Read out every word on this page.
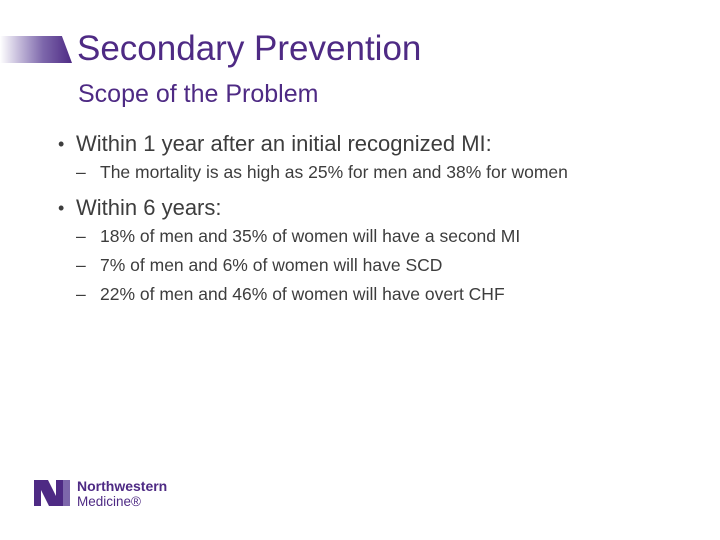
Secondary Prevention
Scope of the Problem
• Within 1 year after an initial recognized MI:
– The mortality is as high as 25% for men and 38% for women
• Within 6 years:
– 18% of men and 35% of women will have a second MI
– 7% of men and 6% of women will have SCD
– 22% of men and 46% of women will have overt CHF
Northwestern
Medicine®
